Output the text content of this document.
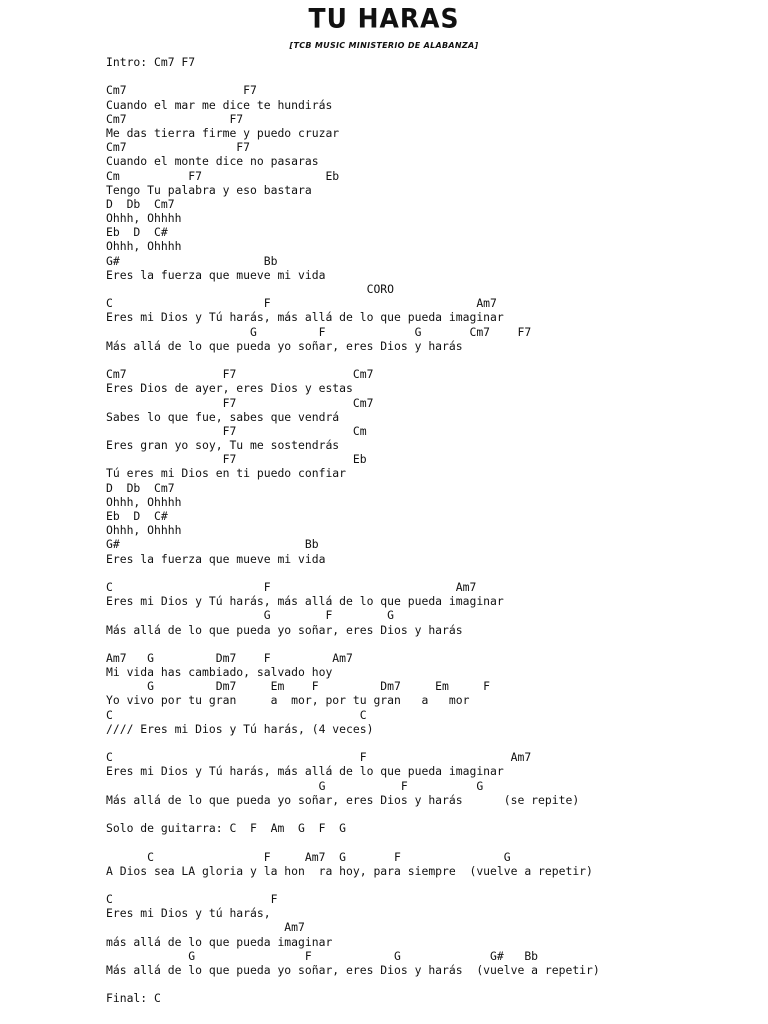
TU HARAS
[TCB MUSIC MINISTERIO DE ALABANZA]
Intro: Cm7 F7
Cm7                 F7
Cuando el mar me dice te hundirás
Cm7               F7
Me das tierra firme y puedo cruzar
Cm7                F7
Cuando el monte dice no pasaras
Cm          F7                  Eb
Tengo Tu palabra y eso bastara
D  Db  Cm7
Ohhh, Ohhhh
Eb  D  C#
Ohhh, Ohhhh
G#                     Bb
Eres la fuerza que mueve mi vida
CORO
C                      F                              Am7
Eres mi Dios y Tú harás, más allá de lo que pueda imaginar
G         F             G       Cm7    F7
Más allá de lo que pueda yo soñar, eres Dios y harás
Cm7              F7                 Cm7
Eres Dios de ayer, eres Dios y estas
F7                 Cm7
Sabes lo que fue, sabes que vendrá
F7                 Cm
Eres gran yo soy, Tu me sostendrás
F7                 Eb
Tú eres mi Dios en ti puedo confiar
D  Db  Cm7
Ohhh, Ohhhh
Eb  D  C#
Ohhh, Ohhhh
G#                           Bb
Eres la fuerza que mueve mi vida
C                      F                           Am7
Eres mi Dios y Tú harás, más allá de lo que pueda imaginar
G        F        G
Más allá de lo que pueda yo soñar, eres Dios y harás
Am7   G         Dm7    F         Am7
Mi vida has cambiado, salvado hoy
G         Dm7     Em    F         Dm7     Em     F
Yo vivo por tu gran     a  mor, por tu gran   a   mor
C                                    C
//// Eres mi Dios y Tú harás, (4 veces)
C                                    F                     Am7
Eres mi Dios y Tú harás, más allá de lo que pueda imaginar
G           F          G
Más allá de lo que pueda yo soñar, eres Dios y harás      (se repite)
Solo de guitarra: C  F  Am  G  F  G
C                F     Am7  G       F               G
A Dios sea LA gloria y la hon  ra hoy, para siempre  (vuelve a repetir)
C                       F
Eres mi Dios y tú harás,
Am7
más allá de lo que pueda imaginar
G                F            G             G#   Bb
Más allá de lo que pueda yo soñar, eres Dios y harás  (vuelve a repetir)
Final: C
